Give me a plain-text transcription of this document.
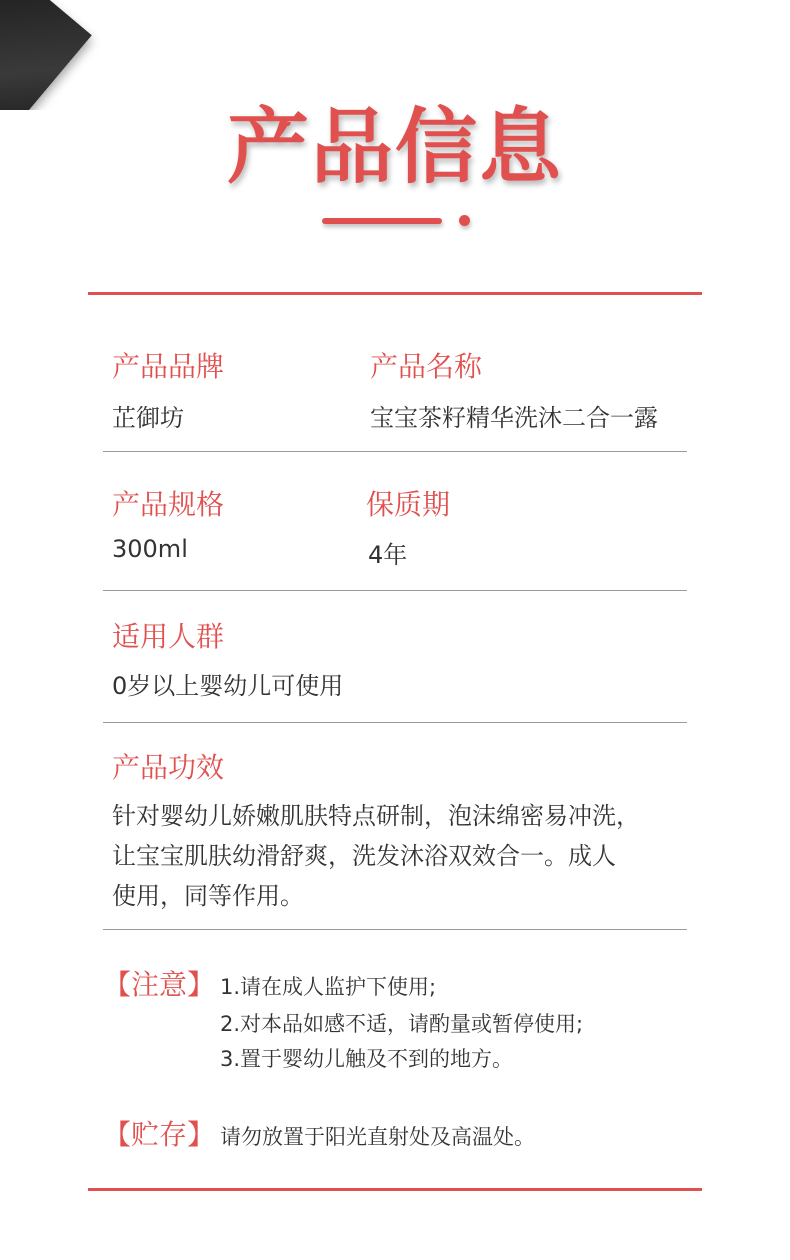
产品信息
产品品牌
芷御坊
产品名称
宝宝茶籽精华洗沐二合一露
产品规格
300ml
保质期
4年
适用人群
0岁以上婴幼儿可使用
产品功效
针对婴幼儿娇嫩肌肤特点研制，泡沫绵密易冲洗，
让宝宝肌肤幼滑舒爽，洗发沐浴双效合一。成人
使用，同等作用。
【注意】 1.请在成人监护下使用;
2.对本品如感不适，请酌量或暂停使用;
3.置于婴幼儿触及不到的地方。
【贮存】 请勿放置于阳光直射处及高温处。
